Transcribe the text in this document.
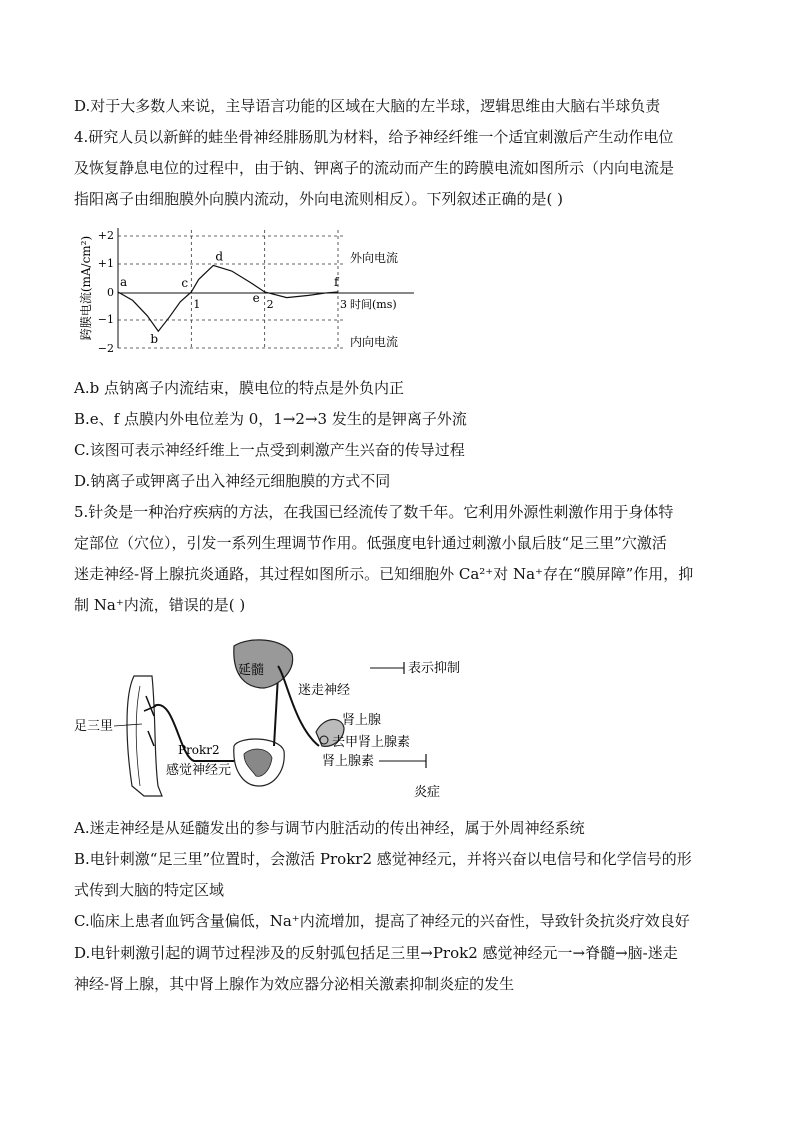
D.对于大多数人来说，主导语言功能的区域在大脑的左半球，逻辑思维由大脑右半球负责
4.研究人员以新鲜的蛙坐骨神经腓肠肌为材料，给予神经纤维一个适宜刺激后产生动作电位
及恢复静息电位的过程中，由于钠、钾离子的流动而产生的跨膜电流如图所示（内向电流是
指阳离子由细胞膜外向膜内流动，外向电流则相反）。下列叙述正确的是( )
跨膜电流(mA/cm²)
+2
+1
0
−1
−2
a
b
c
d
e
f
1	2	3 时间(ms)
外向电流
内向电流
A.b 点钠离子内流结束，膜电位的特点是外负内正
B.e、f 点膜内外电位差为 0，1→2→3 发生的是钾离子外流
C.该图可表示神经纤维上一点受到刺激产生兴奋的传导过程
D.钠离子或钾离子出入神经元细胞膜的方式不同
5.针灸是一种治疗疾病的方法，在我国已经流传了数千年。它利用外源性刺激作用于身体特
定部位（穴位），引发一系列生理调节作用。低强度电针通过刺激小鼠后肢“足三里”穴激活
迷走神经-肾上腺抗炎通路，其过程如图所示。已知细胞外 Ca²⁺对 Na⁺存在“膜屏障”作用，抑
制 Na⁺内流，错误的是( )
足三里
Prokr2
感觉神经元
延髓
迷走神经
肾上腺
去甲肾上腺素
肾上腺素
炎症
表示抑制
A.迷走神经是从延髓发出的参与调节内脏活动的传出神经，属于外周神经系统
B.电针刺激“足三里”位置时，会激活 Prokr2 感觉神经元，并将兴奋以电信号和化学信号的形
式传到大脑的特定区域
C.临床上患者血钙含量偏低，Na⁺内流增加，提高了神经元的兴奋性，导致针灸抗炎疗效良好
D.电针刺激引起的调节过程涉及的反射弧包括足三里→Prok2 感觉神经元一→脊髓→脑-迷走
神经-肾上腺，其中肾上腺作为效应器分泌相关激素抑制炎症的发生
